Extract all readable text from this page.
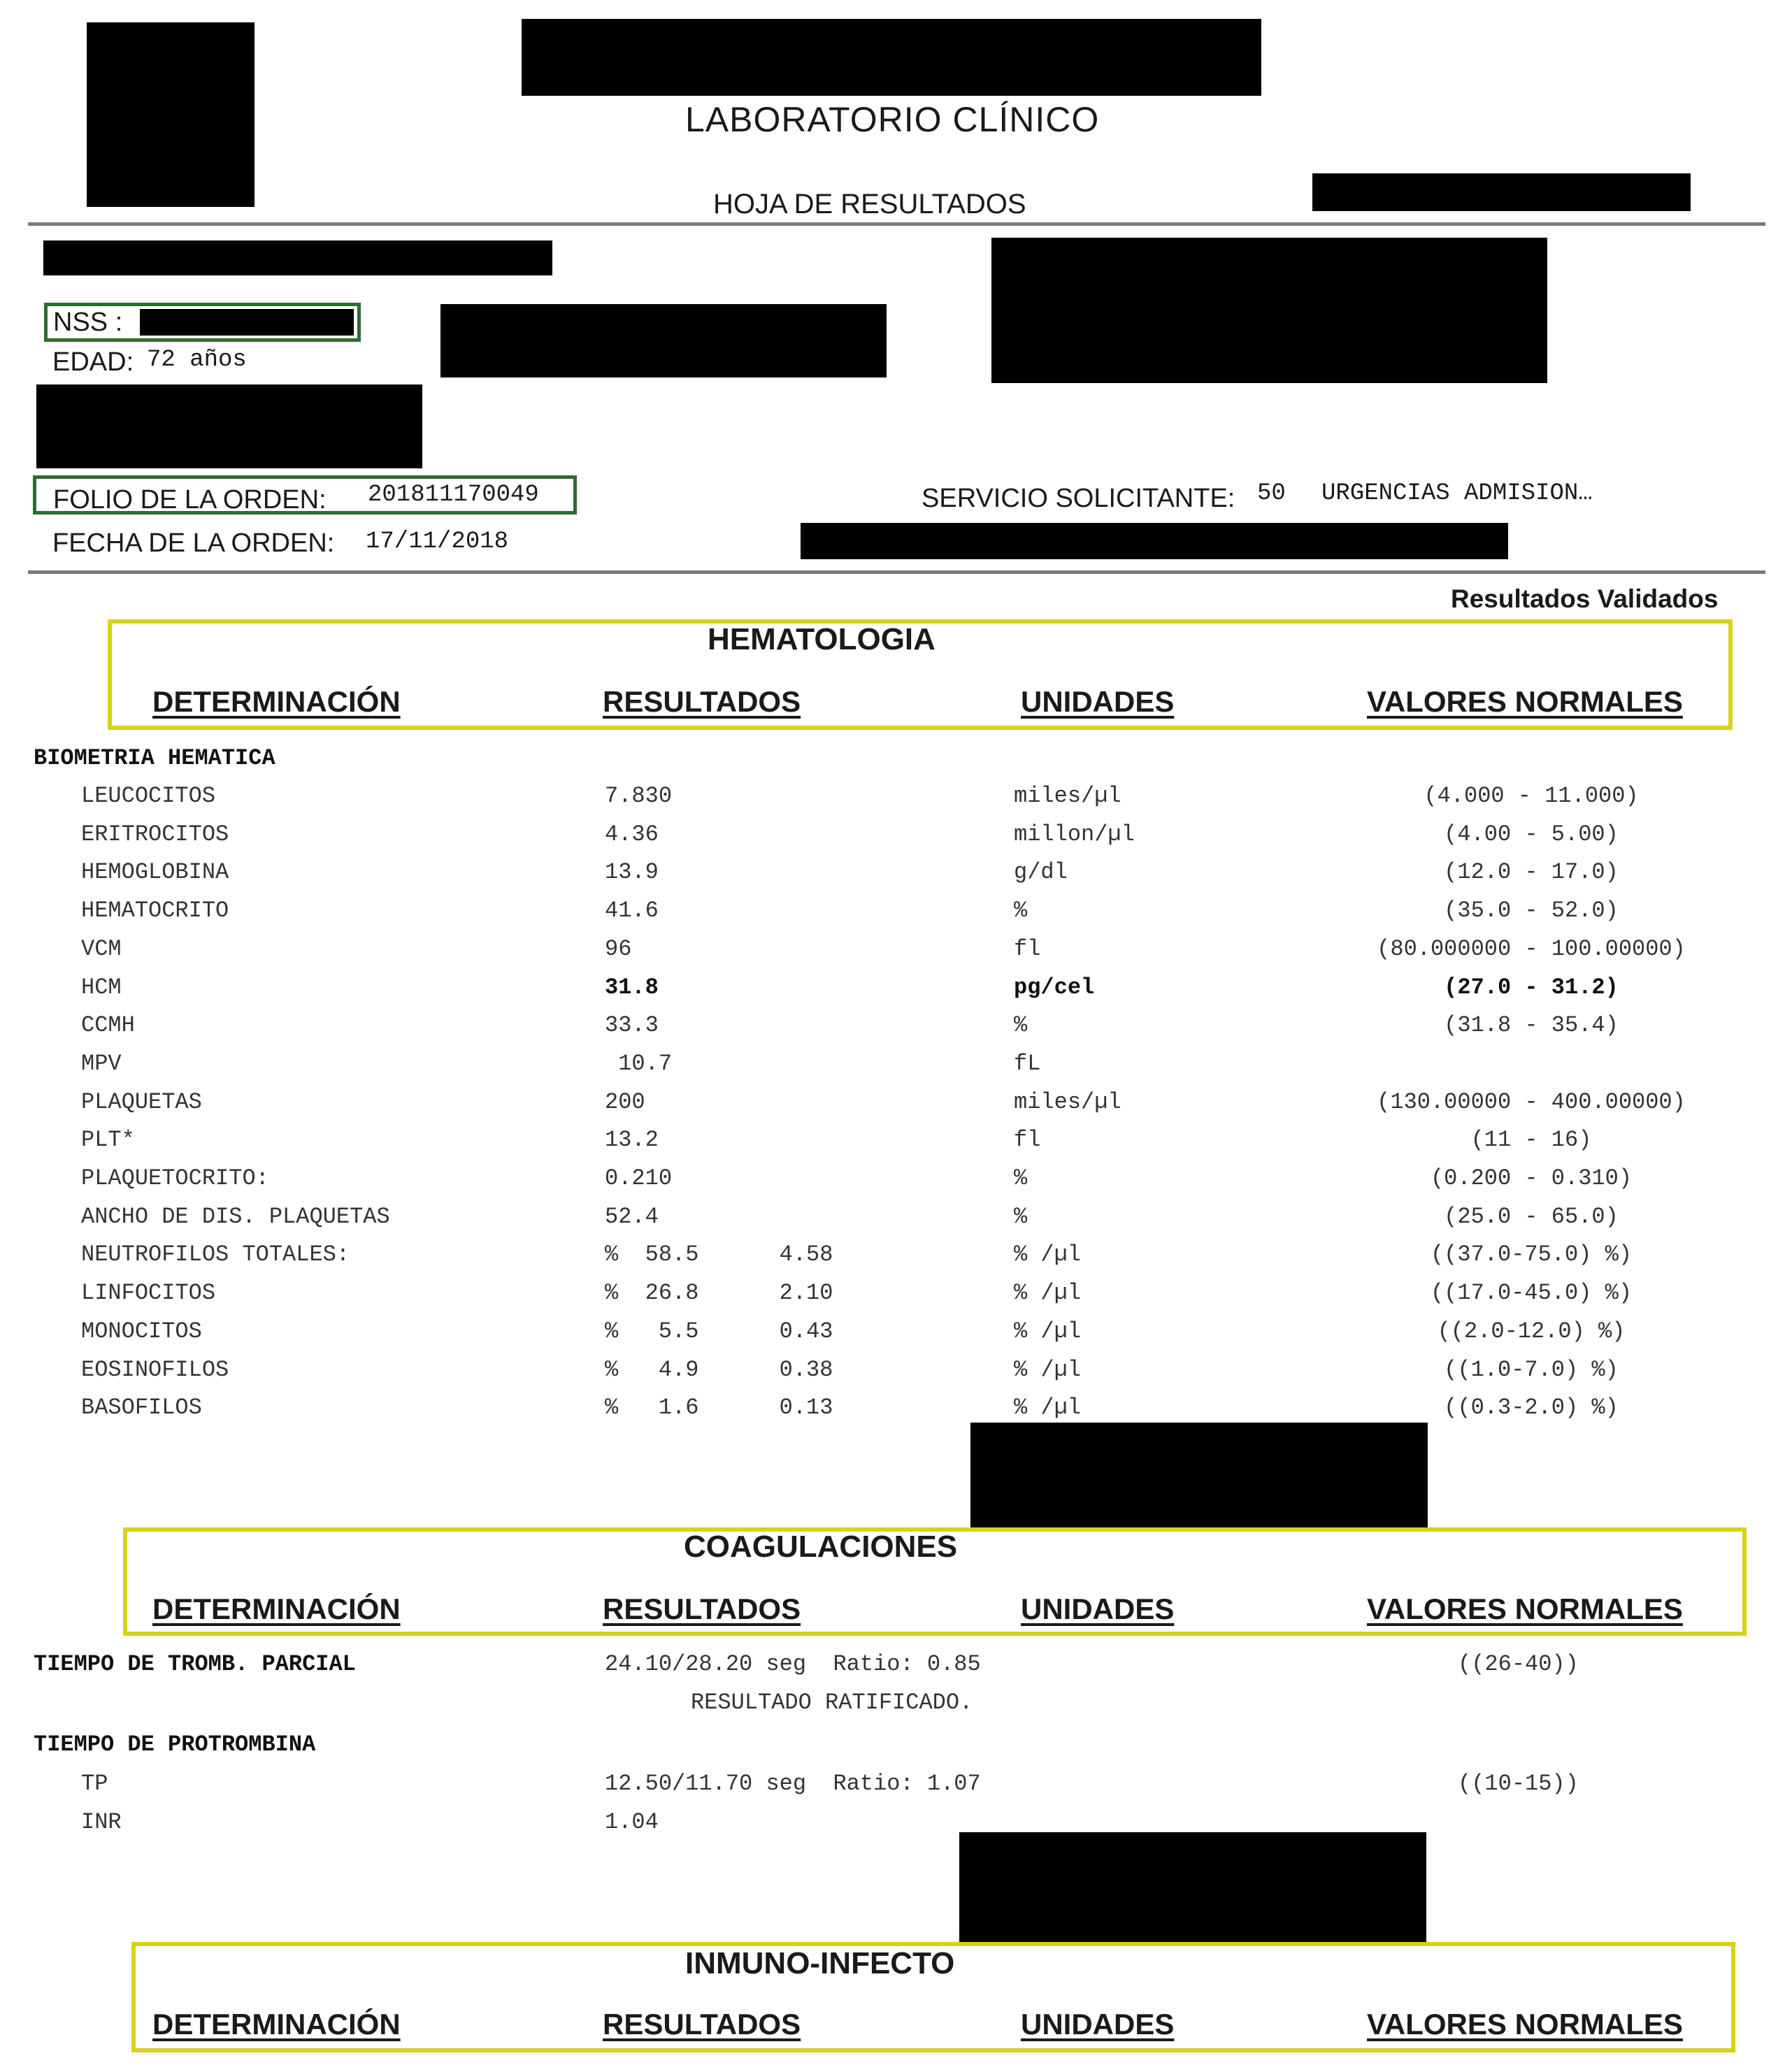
LABORATORIO CLÍNICO
HOJA DE RESULTADOS
NSS :
EDAD: 72 años
FOLIO DE LA ORDEN: 201811170049	SERVICIO SOLICITANTE: 50 URGENCIAS ADMISION…
FECHA DE LA ORDEN: 17/11/2018
Resultados Validados
HEMATOLOGIA
DETERMINACIÓN	RESULTADOS	UNIDADES	VALORES NORMALES
BIOMETRIA HEMATICA
LEUCOCITOS	7.830	miles/µl	(4.000 - 11.000)
ERITROCITOS	4.36	millon/µl	(4.00 - 5.00)
HEMOGLOBINA	13.9	g/dl	(12.0 - 17.0)
HEMATOCRITO	41.6	%	(35.0 - 52.0)
VCM	96	fl	(80.000000 - 100.00000)
HCM	31.8	pg/cel	(27.0 - 31.2)
CCMH	33.3	%	(31.8 - 35.4)
MPV	10.7	fL
PLAQUETAS	200	miles/µl	(130.00000 - 400.00000)
PLT*	13.2	fl	(11 - 16)
PLAQUETOCRITO:	0.210	%	(0.200 - 0.310)
ANCHO DE DIS. PLAQUETAS	52.4	%	(25.0 - 65.0)
NEUTROFILOS TOTALES:	%  58.5      4.58	% /µl	((37.0-75.0) %)
LINFOCITOS	%  26.8      2.10	% /µl	((17.0-45.0) %)
MONOCITOS	%   5.5      0.43	% /µl	((2.0-12.0) %)
EOSINOFILOS	%   4.9      0.38	% /µl	((1.0-7.0) %)
BASOFILOS	%   1.6      0.13	% /µl	((0.3-2.0) %)
COAGULACIONES
DETERMINACIÓN	RESULTADOS	UNIDADES	VALORES NORMALES
TIEMPO DE TROMB. PARCIAL	24.10/28.20 seg  Ratio: 0.85	((26-40))
RESULTADO RATIFICADO.
TIEMPO DE PROTROMBINA
TP	12.50/11.70 seg  Ratio: 1.07	((10-15))
INR	1.04
INMUNO-INFECTO
DETERMINACIÓN	RESULTADOS	UNIDADES	VALORES NORMALES
